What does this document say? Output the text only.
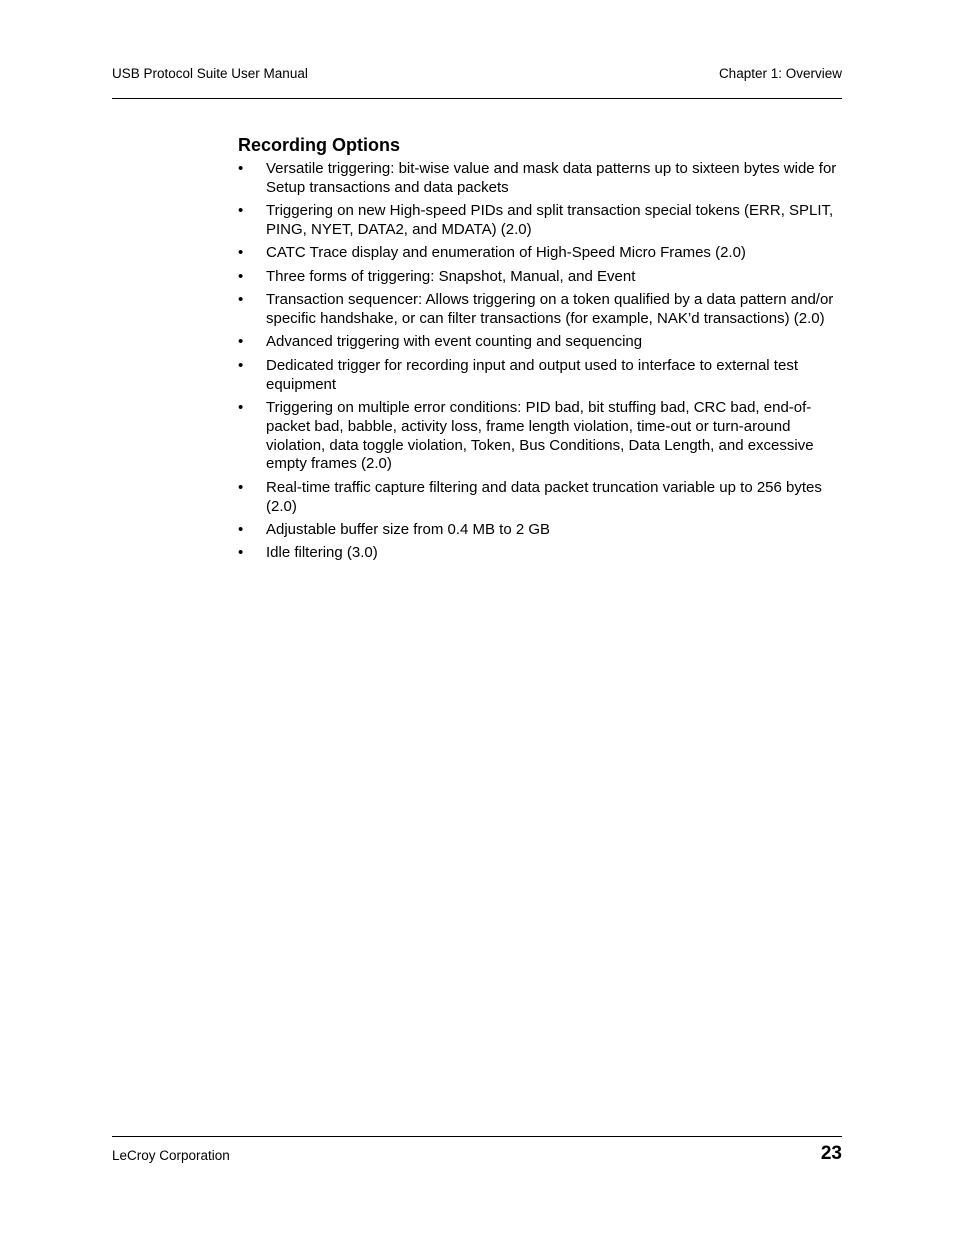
USB Protocol Suite User Manual	Chapter 1: Overview
Recording Options
• Versatile triggering: bit-wise value and mask data patterns up to sixteen bytes wide for Setup transactions and data packets
• Triggering on new High-speed PIDs and split transaction special tokens (ERR, SPLIT, PING, NYET, DATA2, and MDATA) (2.0)
• CATC Trace display and enumeration of High-Speed Micro Frames (2.0)
• Three forms of triggering: Snapshot, Manual, and Event
• Transaction sequencer: Allows triggering on a token qualified by a data pattern and/or specific handshake, or can filter transactions (for example, NAK’d transactions) (2.0)
• Advanced triggering with event counting and sequencing
• Dedicated trigger for recording input and output used to interface to external test equipment
• Triggering on multiple error conditions: PID bad, bit stuffing bad, CRC bad, end-of-packet bad, babble, activity loss, frame length violation, time-out or turn-around violation, data toggle violation, Token, Bus Conditions, Data Length, and excessive empty frames (2.0)
• Real-time traffic capture filtering and data packet truncation variable up to 256 bytes (2.0)
• Adjustable buffer size from 0.4 MB to 2 GB
• Idle filtering (3.0)
LeCroy Corporation	23
